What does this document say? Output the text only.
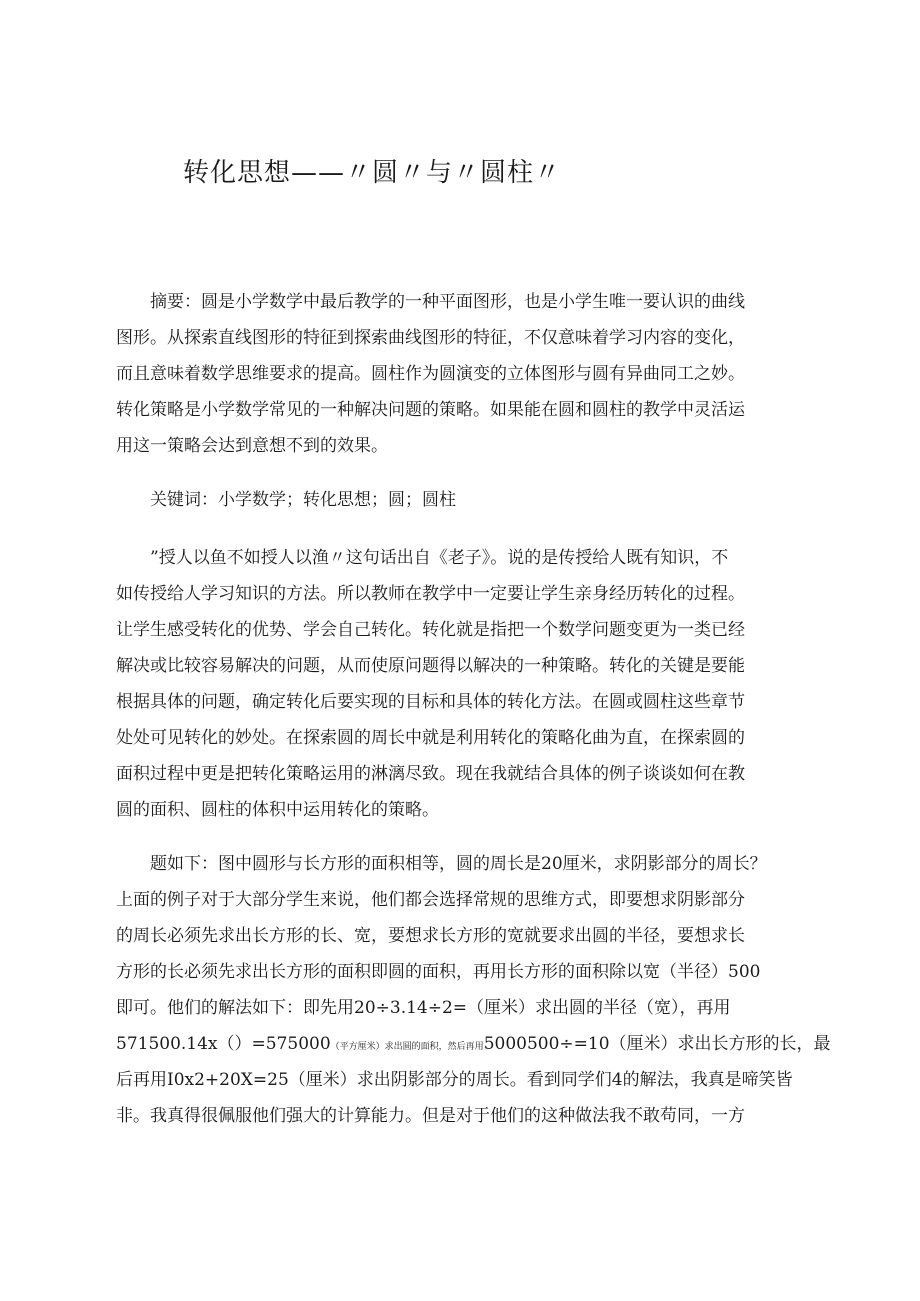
转化思想——〃圆〃与〃圆柱〃
摘要：圆是小学数学中最后教学的一种平面图形，也是小学生唯一要认识的曲线
图形。从探索直线图形的特征到探索曲线图形的特征，不仅意味着学习内容的变化，
而且意味着数学思维要求的提高。圆柱作为圆演变的立体图形与圆有异曲同工之妙。
转化策略是小学数学常见的一种解决问题的策略。如果能在圆和圆柱的教学中灵活运
用这一策略会达到意想不到的效果。
关键词：小学数学；转化思想；圆；圆柱
”授人以鱼不如授人以渔〃这句话出自《老子》。说的是传授给人既有知识，不
如传授给人学习知识的方法。所以教师在教学中一定要让学生亲身经历转化的过程。
让学生感受转化的优势、学会自己转化。转化就是指把一个数学问题变更为一类已经
解决或比较容易解决的问题，从而使原问题得以解决的一种策略。转化的关键是要能
根据具体的问题，确定转化后要实现的目标和具体的转化方法。在圆或圆柱这些章节
处处可见转化的妙处。在探索圆的周长中就是利用转化的策略化曲为直，在探索圆的
面积过程中更是把转化策略运用的淋漓尽致。现在我就结合具体的例子谈谈如何在教
圆的面积、圆柱的体积中运用转化的策略。
题如下：图中圆形与长方形的面积相等，圆的周长是20厘米，求阴影部分的周长？
上面的例子对于大部分学生来说，他们都会选择常规的思维方式，即要想求阴影部分
的周长必须先求出长方形的长、宽，要想求长方形的宽就要求出圆的半径，要想求长
方形的长必须先求出长方形的面积即圆的面积，再用长方形的面积除以宽（半径）500
即可。他们的解法如下：即先用20÷3.14÷2=（厘米）求出圆的半径（宽），再用
571500.14x（）=575000（平方厘米）求出圆的面积，然后再用5000500÷=10（厘米）求出长方形的长，最
后再用I0x2+20X=25（厘米）求出阴影部分的周长。看到同学们4的解法，我真是啼笑皆
非。我真得很佩服他们强大的计算能力。但是对于他们的这种做法我不敢苟同，一方
